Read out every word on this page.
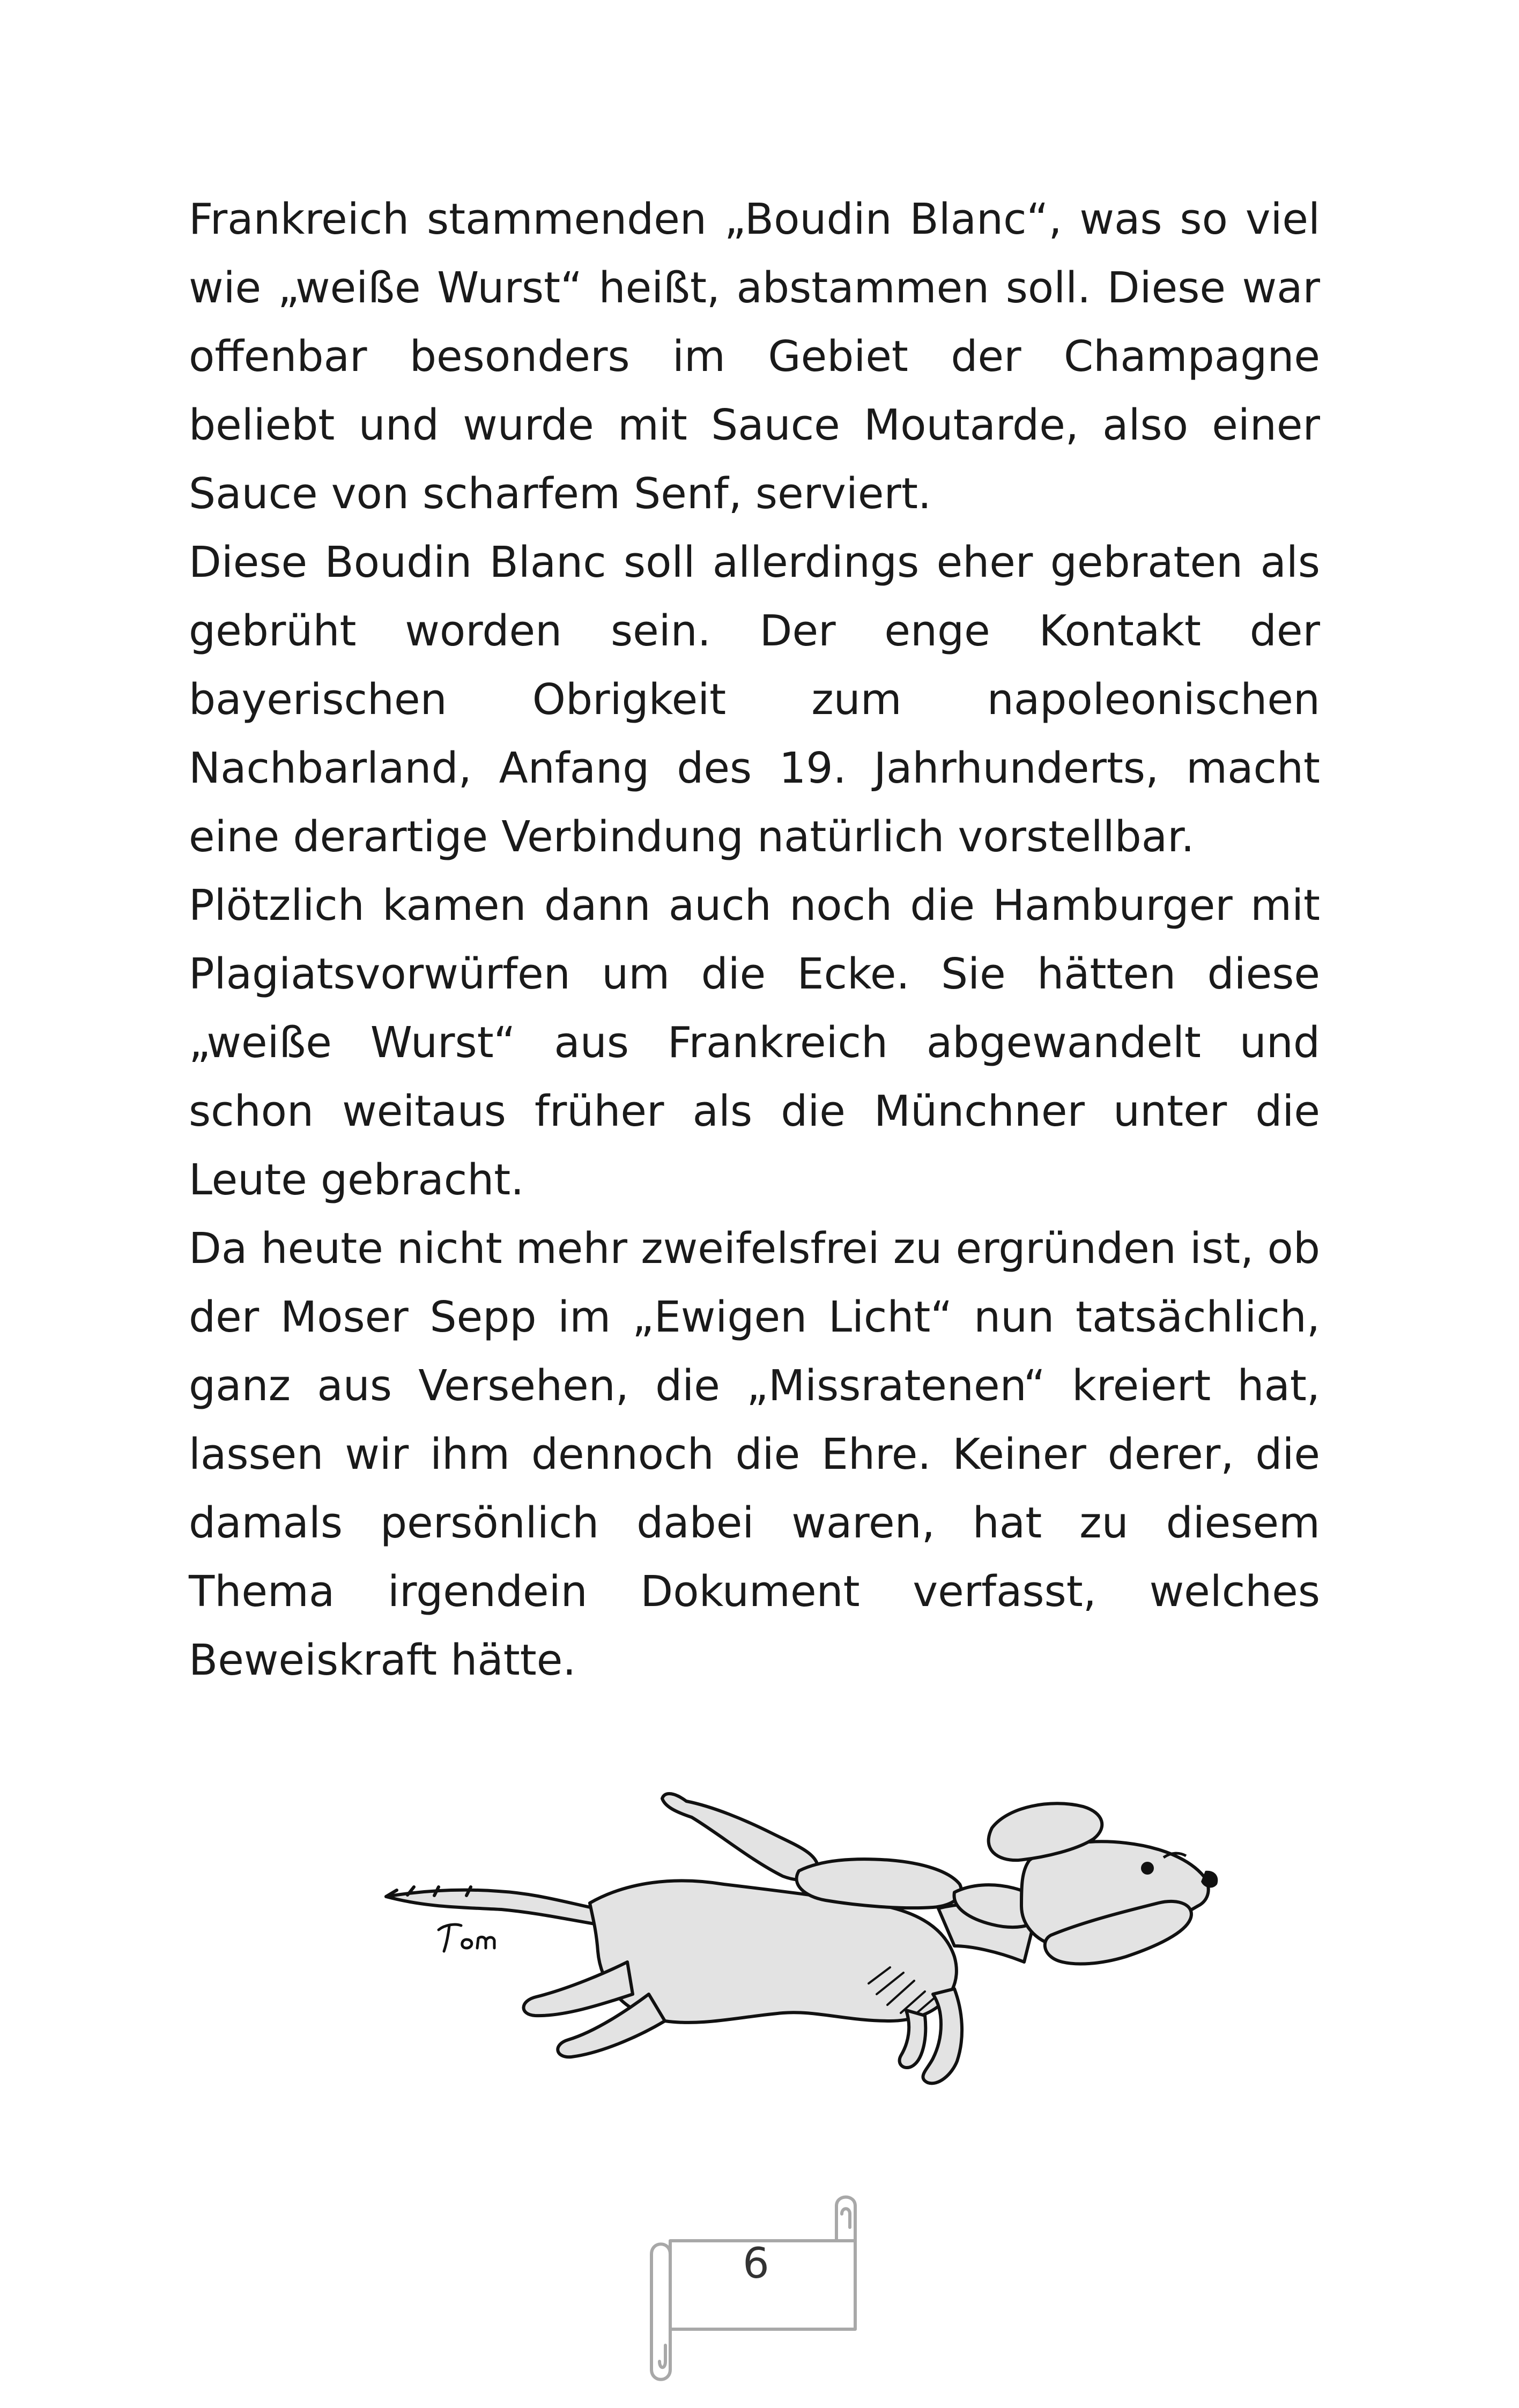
Frankreich stammenden „Boudin Blanc“, was so viel wie „weiße Wurst“ heißt, abstammen soll. Diese war offenbar besonders im Gebiet der Champagne beliebt und wurde mit Sauce Moutarde, also einer Sauce von scharfem Senf, serviert.

Diese Boudin Blanc soll allerdings eher gebraten als gebrüht worden sein. Der enge Kontakt der bayerischen Obrigkeit zum napoleonischen Nachbarland, Anfang des 19. Jahrhunderts, macht eine derartige Verbindung natürlich vorstellbar.

Plötzlich kamen dann auch noch die Hamburger mit Plagiatsvorwürfen um die Ecke. Sie hätten diese „weiße Wurst“ aus Frankreich abgewandelt und schon weitaus früher als die Münchner unter die Leute gebracht.

Da heute nicht mehr zweifelsfrei zu ergründen ist, ob der Moser Sepp im „Ewigen Licht“ nun tatsächlich, ganz aus Versehen, die „Missratenen“ kreiert hat, lassen wir ihm dennoch die Ehre. Keiner derer, die damals persönlich dabei waren, hat zu diesem Thema irgendein Dokument verfasst, welches Beweiskraft hätte.

6
